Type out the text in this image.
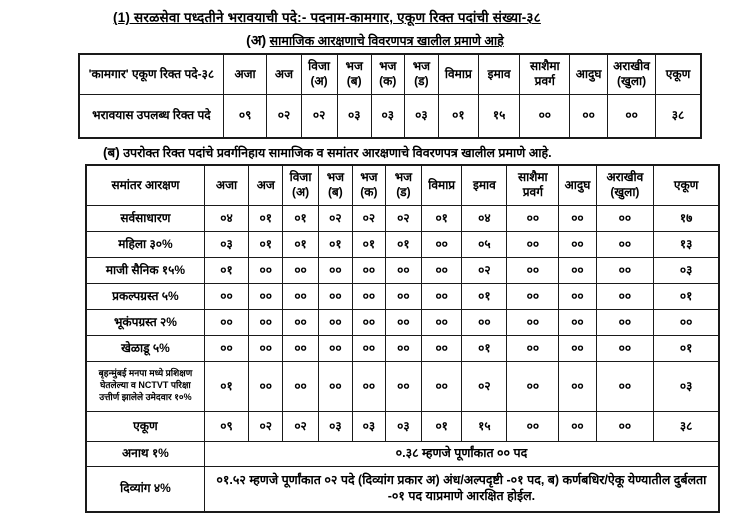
(1) सरळसेवा पध्दतीने भरावयाची पदे:- पदनाम-कामगार, एकूण रिक्त पदांची संख्या-३८
(अ) सामाजिक आरक्षणाचे विवरणपत्र खालील प्रमाणे आहे
'कामगार' एकूण रिक्त पदे-३८	अजा	अज	विजा (अ)	भज (ब)	भज (क)	भज (ड)	विमाप्र	इमाव	साशैमा प्रवर्ग	आदुघ	अराखीव (खुला)	एकूण
भरावयास उपलब्ध रिक्त पदे	०९	०२	०२	०३	०३	०३	०१	१५	००	००	००	३८
(ब) उपरोक्त रिक्त पदांचे प्रवर्गनिहाय सामाजिक व समांतर आरक्षणाचे विवरणपत्र खालील प्रमाणे आहे.
समांतर आरक्षण	अजा	अज	विजा (अ)	भज (ब)	भज (क)	भज (ड)	विमाप्र	इमाव	साशैमा प्रवर्ग	आदुघ	अराखीव (खुला)	एकूण
सर्वसाधारण	०४	०१	०१	०२	०२	०२	०१	०४	००	००	००	१७
महिला ३०%	०३	०१	०१	०१	०१	०१	००	०५	००	००	००	१३
माजी सैनिक १५%	०१	००	००	००	००	००	००	०२	००	००	००	०३
प्रकल्पग्रस्त ५%	००	००	००	००	००	००	००	०१	००	००	००	०१
भूकंपग्रस्त २%	००	००	००	००	००	००	००	००	००	००	००	००
खेळाडू ५%	००	००	००	००	००	००	००	०१	००	००	००	०१
बृहन्मुंबई मनपा मध्ये प्रशिक्षण घेतलेल्या व NCTVT परिक्षा उत्तीर्ण झालेले उमेदवार १०%	०१	००	००	००	००	००	००	०२	००	००	००	०३
एकूण	०९	०२	०२	०३	०३	०३	०१	१५	००	००	००	३८
अनाथ १%	०.३८ म्हणजे पूर्णांकात ०० पद											
दिव्यांग ४%	०१.५२ म्हणजे पूर्णांकात ०२ पदे (दिव्यांग प्रकार अ) अंध/अल्पदृष्टी -०१ पद, ब) कर्णबधिर/ऐकू येण्यातील दुर्बलता -०१ पद याप्रमाणे आरक्षित होईल.											
